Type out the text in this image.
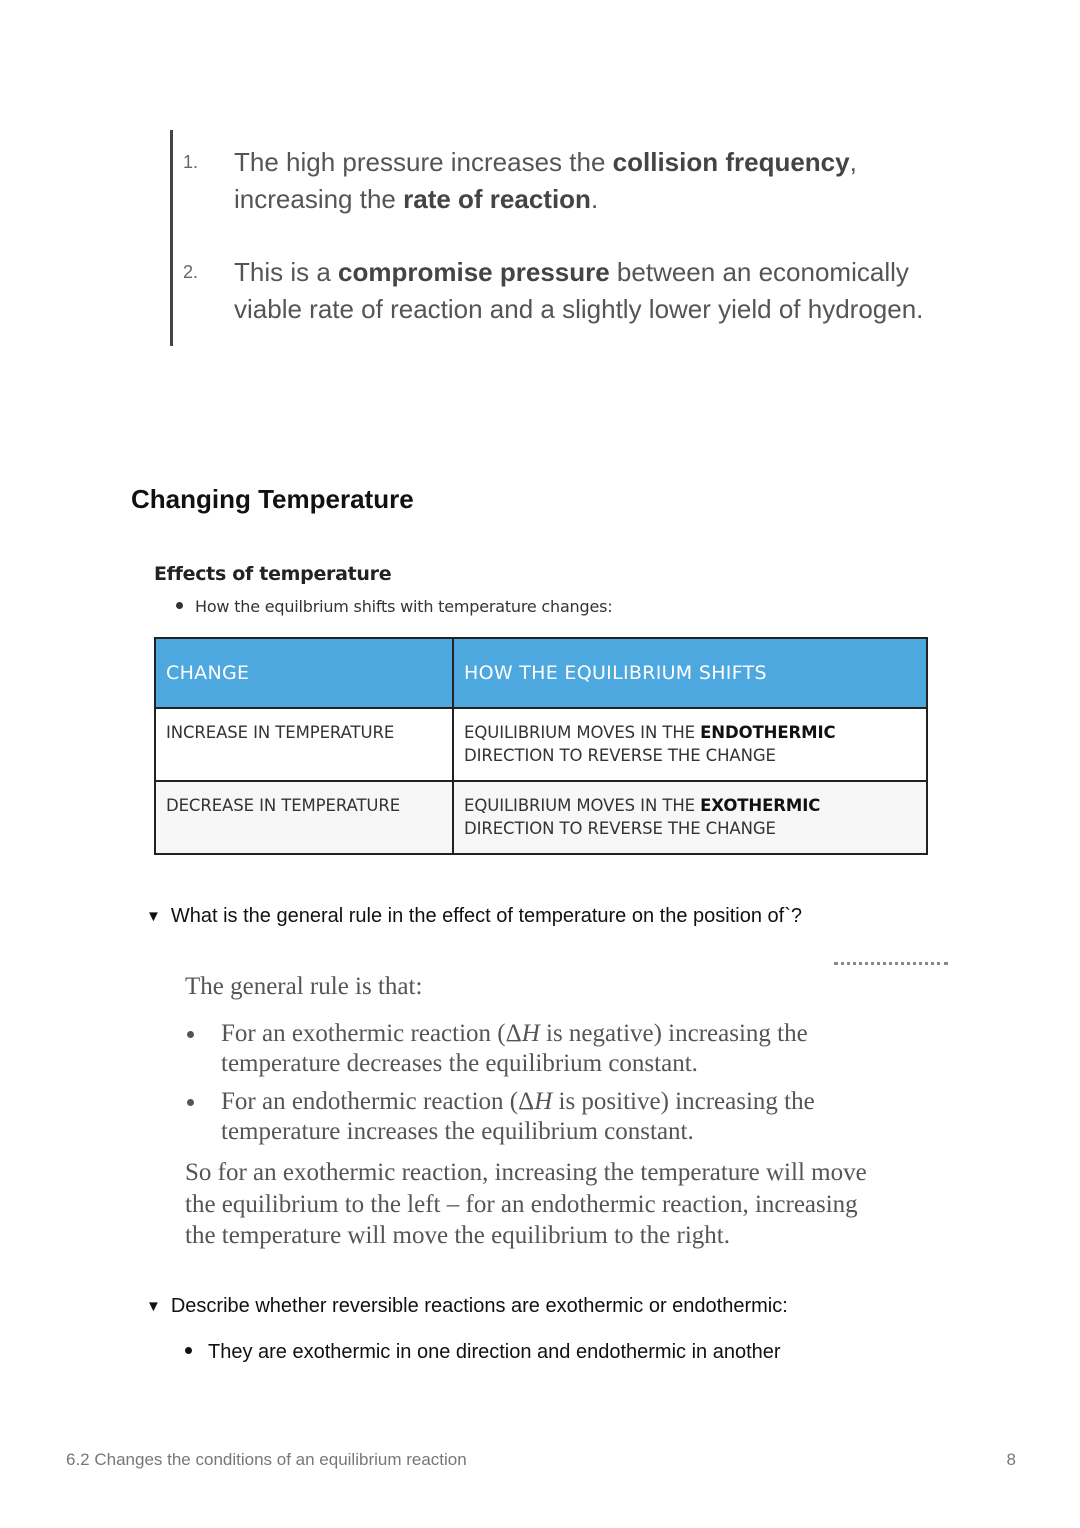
1. The high pressure increases the collision frequency,
increasing the rate of reaction.
2. This is a compromise pressure between an economically
viable rate of reaction and a slightly lower yield of hydrogen.
Changing Temperature
Effects of temperature
How the equilbrium shifts with temperature changes:
CHANGE	HOW THE EQUILIBRIUM SHIFTS
INCREASE IN TEMPERATURE	EQUILIBRIUM MOVES IN THE ENDOTHERMIC
DIRECTION TO REVERSE THE CHANGE
DECREASE IN TEMPERATURE	EQUILIBRIUM MOVES IN THE EXOTHERMIC
DIRECTION TO REVERSE THE CHANGE
▼ What is the general rule in the effect of temperature on the position of`?
The general rule is that:
For an exothermic reaction (ΔH is negative) increasing the
temperature decreases the equilibrium constant.
For an endothermic reaction (ΔH is positive) increasing the
temperature increases the equilibrium constant.
So for an exothermic reaction, increasing the temperature will move
the equilibrium to the left – for an endothermic reaction, increasing
the temperature will move the equilibrium to the right.
▼ Describe whether reversible reactions are exothermic or endothermic:
They are exothermic in one direction and endothermic in another
6.2 Changes the conditions of an equilibrium reaction	8
